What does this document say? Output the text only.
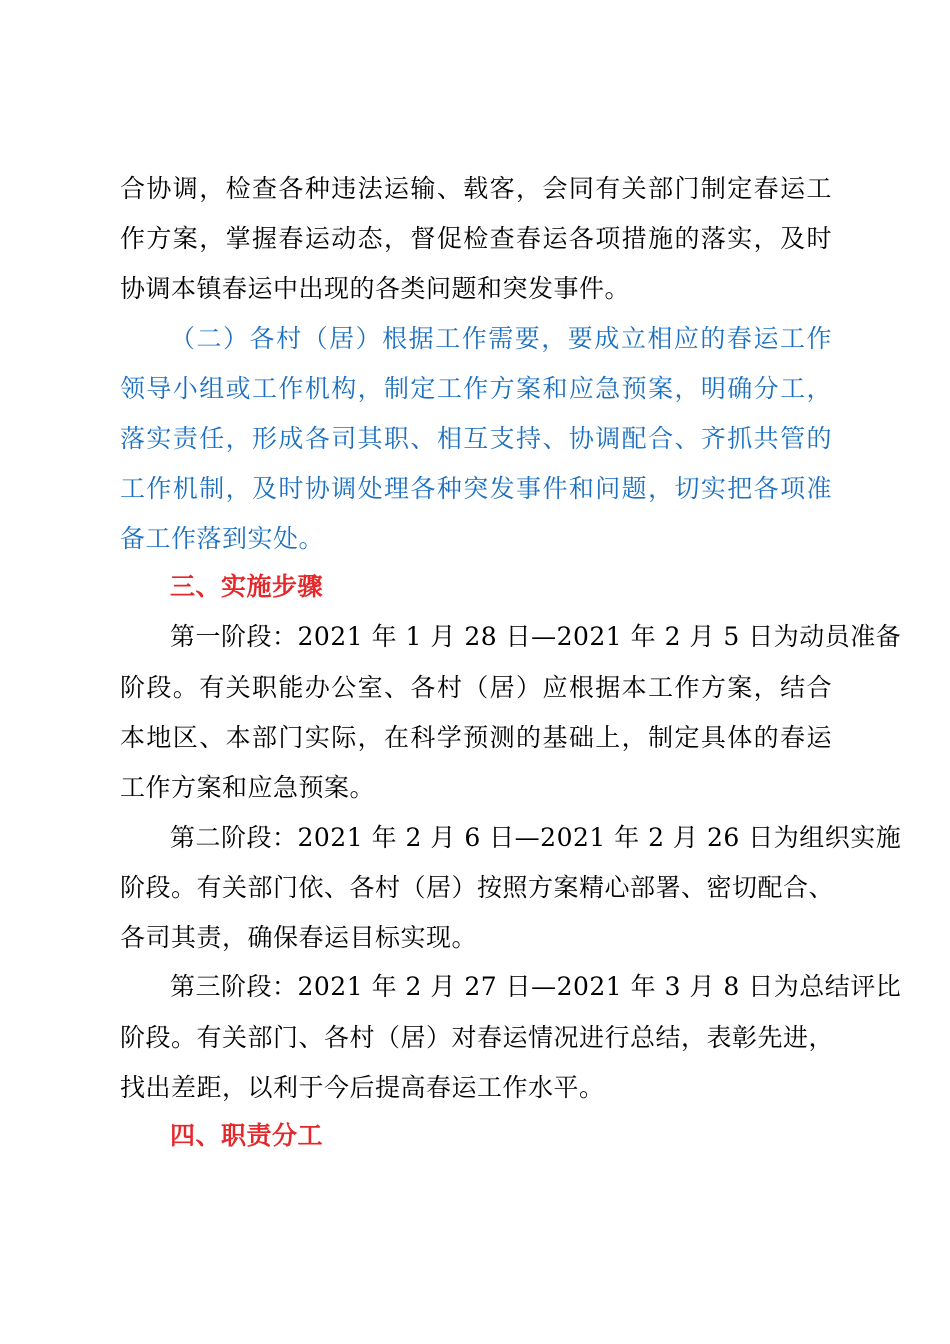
合协调，检查各种违法运输、载客，会同有关部门制定春运工
作方案，掌握春运动态，督促检查春运各项措施的落实，及时
协调本镇春运中出现的各类问题和突发事件。
（二）各村（居）根据工作需要，要成立相应的春运工作
领导小组或工作机构，制定工作方案和应急预案，明确分工，
落实责任，形成各司其职、相互支持、协调配合、齐抓共管的
工作机制，及时协调处理各种突发事件和问题，切实把各项准
备工作落到实处。
三、实施步骤
第一阶段：2021 年 1 月 28 日—2021 年 2 月 5 日为动员准备
阶段。有关职能办公室、各村（居）应根据本工作方案，结合
本地区、本部门实际，在科学预测的基础上，制定具体的春运
工作方案和应急预案。
第二阶段：2021 年 2 月 6 日—2021 年 2 月 26 日为组织实施
阶段。有关部门依、各村（居）按照方案精心部署、密切配合、
各司其责，确保春运目标实现。
第三阶段：2021 年 2 月 27 日—2021 年 3 月 8 日为总结评比
阶段。有关部门、各村（居）对春运情况进行总结，表彰先进，
找出差距，以利于今后提高春运工作水平。
四、职责分工
